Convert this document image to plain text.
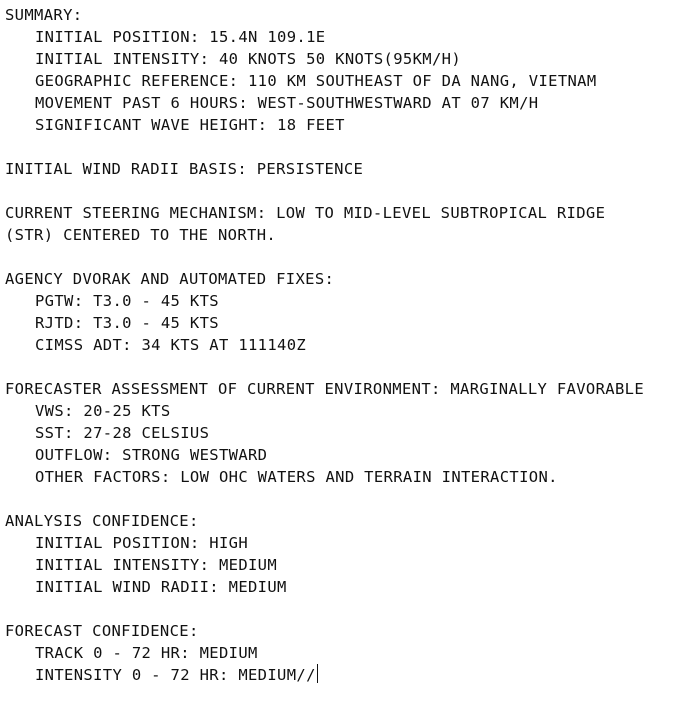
SUMMARY:
INITIAL POSITION: 15.4N 109.1E
INITIAL INTENSITY: 40 KNOTS 50 KNOTS(95KM/H)
GEOGRAPHIC REFERENCE: 110 KM SOUTHEAST OF DA NANG, VIETNAM
MOVEMENT PAST 6 HOURS: WEST-SOUTHWESTWARD AT 07 KM/H
SIGNIFICANT WAVE HEIGHT: 18 FEET
INITIAL WIND RADII BASIS: PERSISTENCE
CURRENT STEERING MECHANISM: LOW TO MID-LEVEL SUBTROPICAL RIDGE
(STR) CENTERED TO THE NORTH.
AGENCY DVORAK AND AUTOMATED FIXES:
PGTW: T3.0 - 45 KTS
RJTD: T3.0 - 45 KTS
CIMSS ADT: 34 KTS AT 111140Z
FORECASTER ASSESSMENT OF CURRENT ENVIRONMENT: MARGINALLY FAVORABLE
VWS: 20-25 KTS
SST: 27-28 CELSIUS
OUTFLOW: STRONG WESTWARD
OTHER FACTORS: LOW OHC WATERS AND TERRAIN INTERACTION.
ANALYSIS CONFIDENCE:
INITIAL POSITION: HIGH
INITIAL INTENSITY: MEDIUM
INITIAL WIND RADII: MEDIUM
FORECAST CONFIDENCE:
TRACK 0 - 72 HR: MEDIUM
INTENSITY 0 - 72 HR: MEDIUM//
